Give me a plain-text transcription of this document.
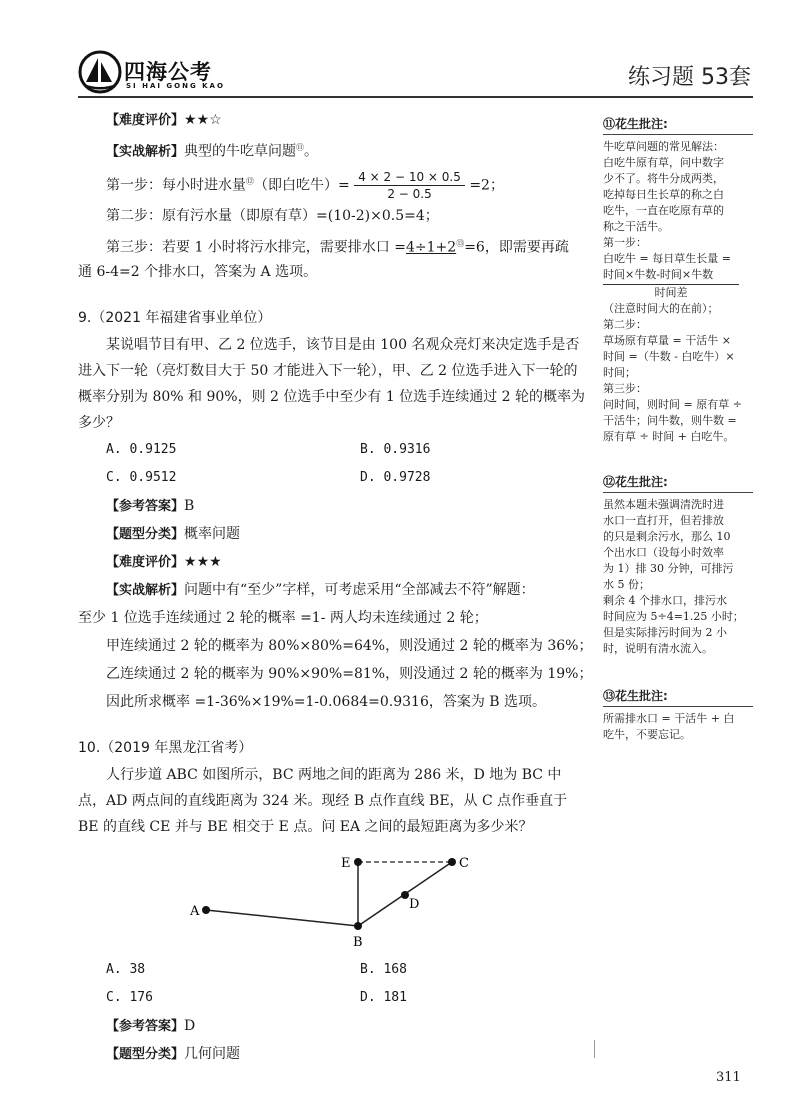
四海公考
SI HAI GONG KAO	练习题 53套
【难度评价】★★☆
【实战解析】典型的牛吃草问题⑪。
第一步：每小时进水量⑫（即白吃牛）= $\frac{4 \times 2 - 10 \times 0.5}{2 - 0.5} =2$；
第二步：原有污水量（即原有草）=(10-2)×0.5=4；
第三步：若要 1 小时将污水排完，需要排水口 =4÷1+2⑬=6，即需要再疏
通 6-4=2 个排水口，答案为 A 选项。
9.（2021 年福建省事业单位）
某说唱节目有甲、乙 2 位选手，该节目是由 100 名观众亮灯来决定选手是否进入下一轮（亮灯数目大于 50 才能进入下一轮），甲、乙 2 位选手进入下一轮的概率分别为 80% 和 90%，则 2 位选手中至少有 1 位选手连续通过 2 轮的概率为多少？
A. 0.9125	B. 0.9316
C. 0.9512	D. 0.9728
【参考答案】B
【题型分类】概率问题
【难度评价】★★★
【实战解析】问题中有“至少”字样，可考虑采用“全部减去不符”解题：
至少 1 位选手连续通过 2 轮的概率 =1- 两人均未连续通过 2 轮；
甲连续通过 2 轮的概率为 80%×80%=64%，则没通过 2 轮的概率为 36%；
乙连续通过 2 轮的概率为 90%×90%=81%，则没通过 2 轮的概率为 19%；
因此所求概率 =1-36%×19%=1-0.0684=0.9316，答案为 B 选项。
10.（2019 年黑龙江省考）
人行步道 ABC 如图所示，BC 两地之间的距离为 286 米，D 地为 BC 中点，AD 两点间的直线距离为 324 米。现经 B 点作直线 BE，从 C 点作垂直于 BE 的直线 CE 并与 BE 相交于 E 点。问 EA 之间的最短距离为多少米？
A
B
C
D
E
A. 38	B. 168
C. 176	D. 181
【参考答案】D
【题型分类】几何问题
⑪花生批注:
牛吃草问题的常见解法：
白吃牛原有草，问中数字
少不了。将牛分成两类，
吃掉每日生长草的称之白
吃牛，一直在吃原有草的
称之干活牛。
第一步：
白吃牛 = 每日草生长量 =
时间×牛数-时间×牛数
时间差
（注意时间大的在前）；
第二步：
草场原有草量 = 干活牛 ×
时间 =（牛数 - 白吃牛）×
时间；
第三步：
问时间，则时间 = 原有草 ÷
干活牛；问牛数，则牛数 =
原有草 ÷ 时间 + 白吃牛。
⑫花生批注:
虽然本题未强调清洗时进
水口一直打开，但若排放
的只是剩余污水，那么 10
个出水口（设每小时效率
为 1）排 30 分钟，可排污
水 5 份；
剩余 4 个排水口，排污水
时间应为 5÷4=1.25 小时；
但是实际排污时间为 2 小
时，说明有清水流入。
⑬花生批注:
所需排水口 = 干活牛 + 白
吃牛，不要忘记。
311
